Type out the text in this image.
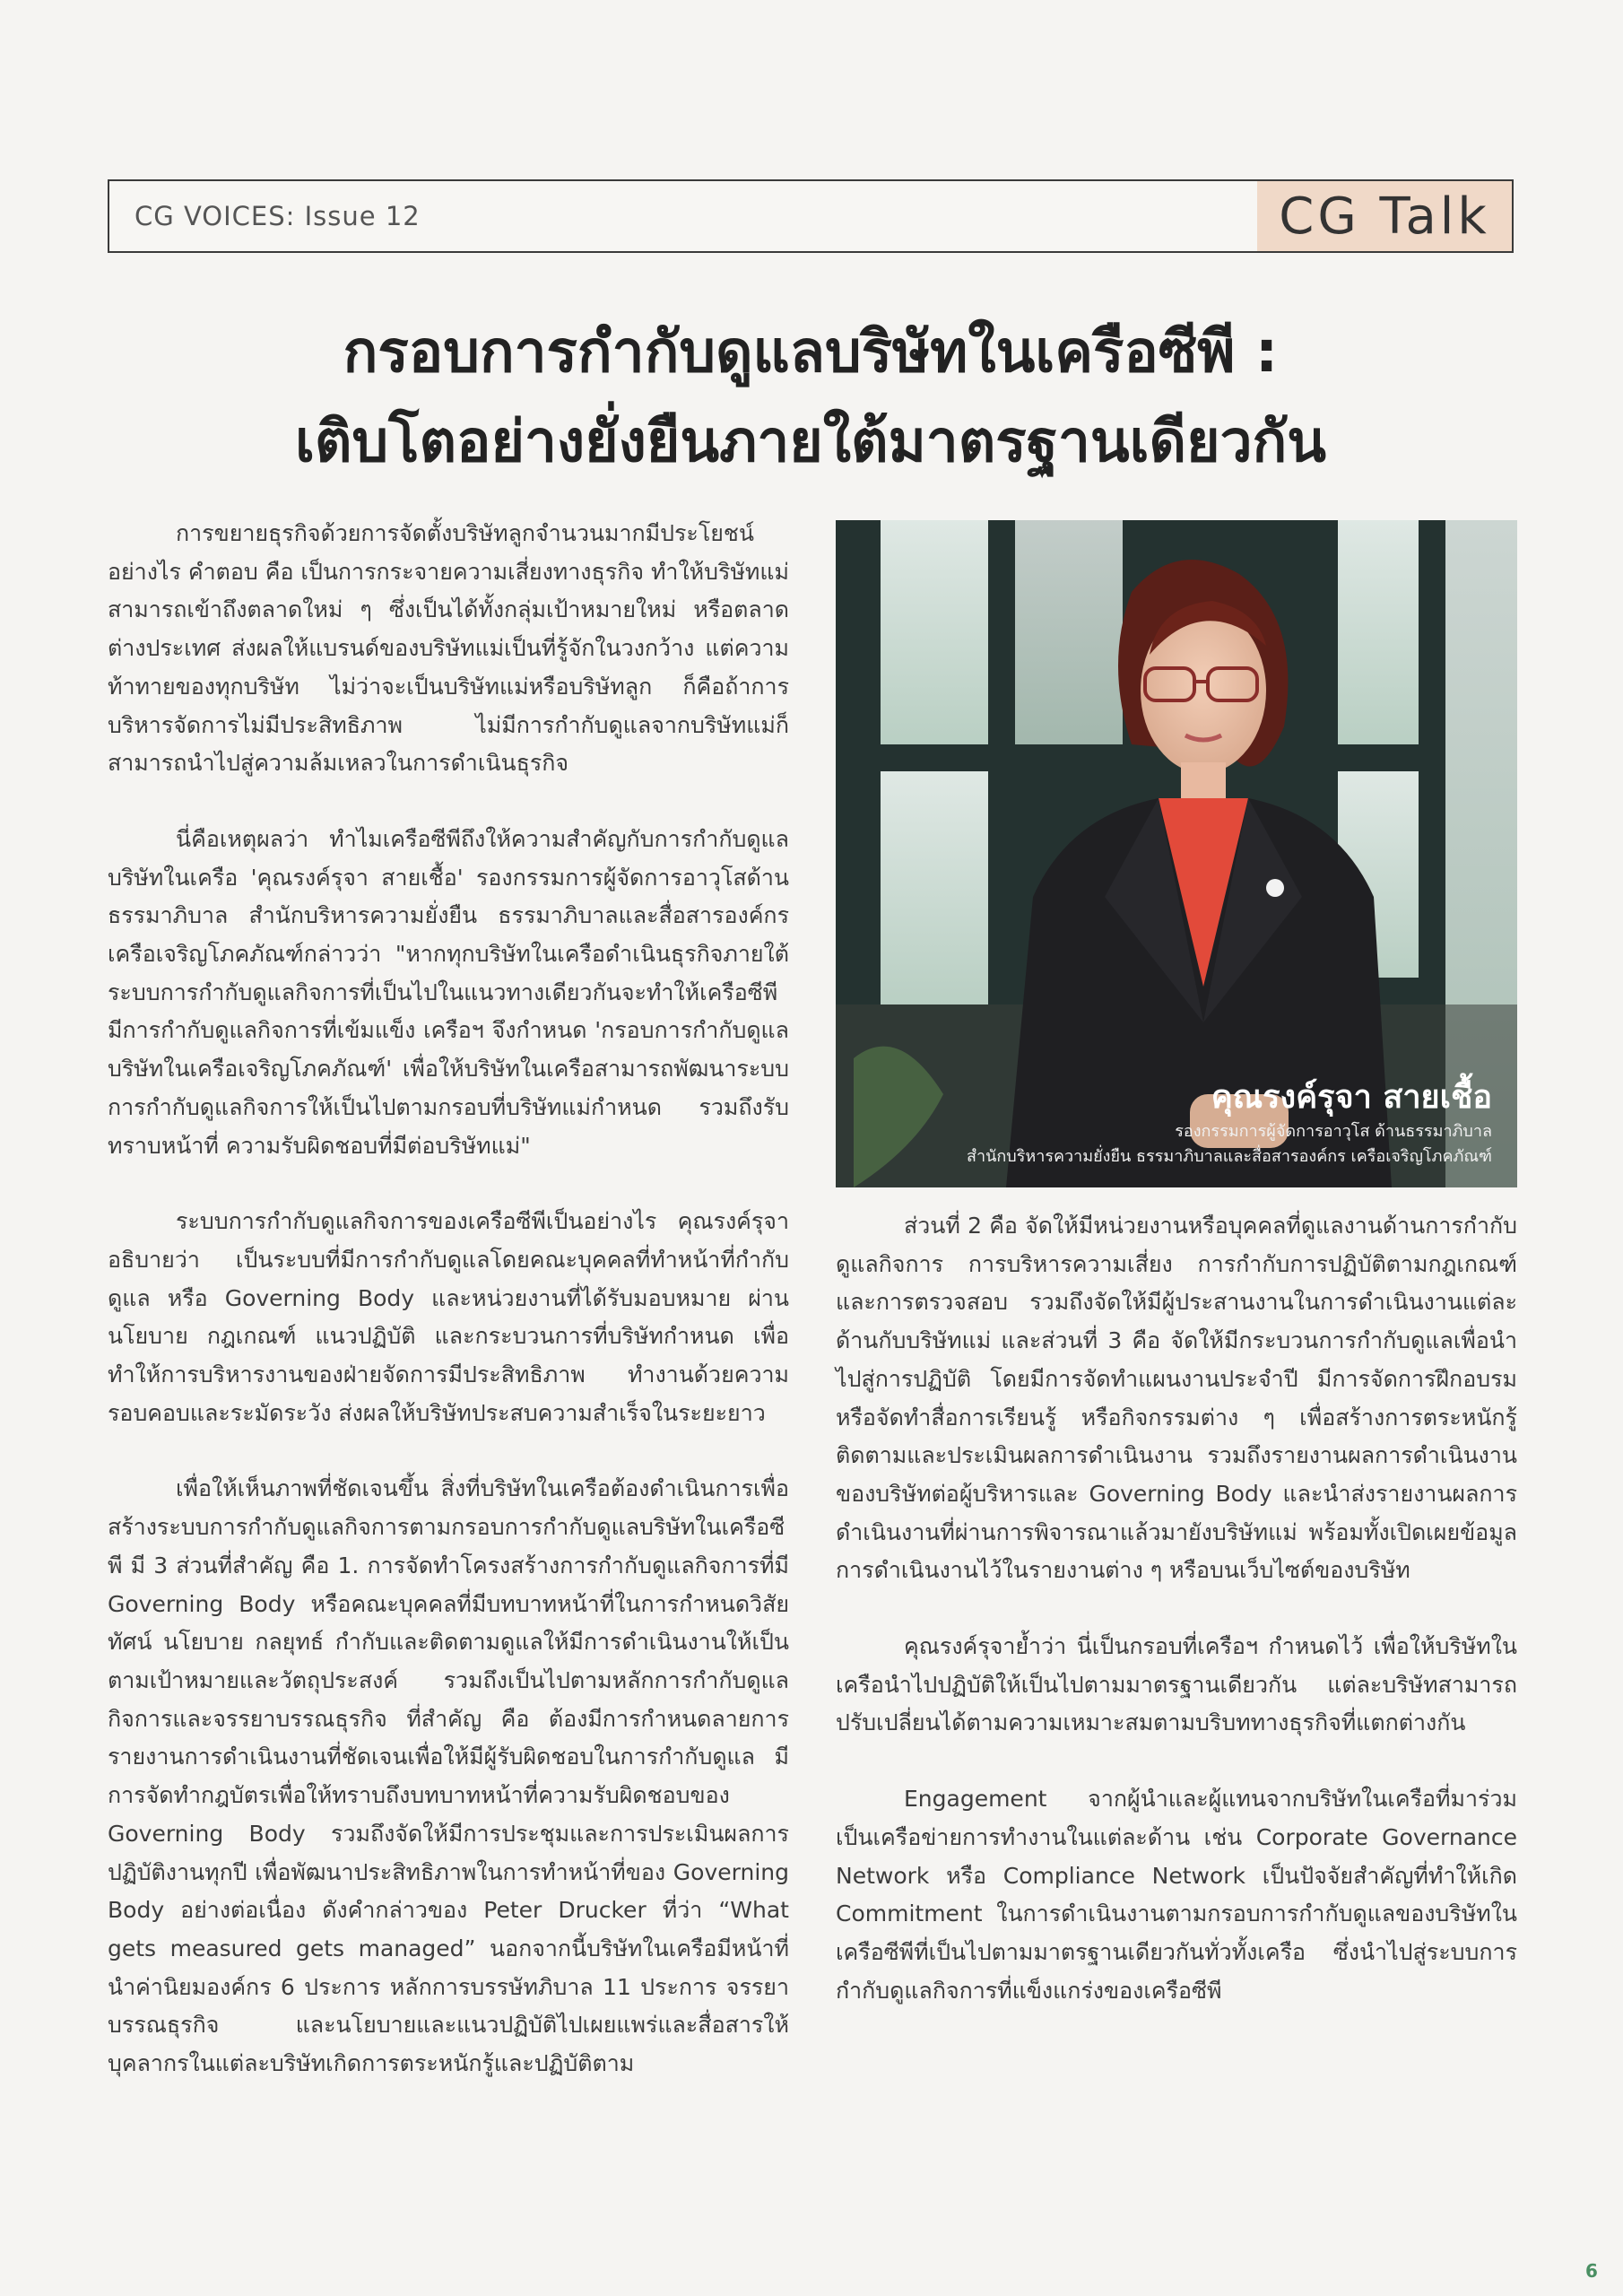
CG VOICES: Issue 12	CG Talk
กรอบการกำกับดูแลบริษัทในเครือซีพี :
เติบโตอย่างยั่งยืนภายใต้มาตรฐานเดียวกัน

การขยายธุรกิจด้วยการจัดตั้งบริษัทลูกจำนวนมากมีประโยชน์อย่างไร คำตอบ คือ เป็นการกระจายความเสี่ยงทางธุรกิจ ทำให้บริษัทแม่สามารถเข้าถึงตลาดใหม่ ๆ ซึ่งเป็นได้ทั้งกลุ่มเป้าหมายใหม่ หรือตลาดต่างประเทศ ส่งผลให้แบรนด์ของบริษัทแม่เป็นที่รู้จักในวงกว้าง แต่ความท้าทายของทุกบริษัท ไม่ว่าจะเป็นบริษัทแม่หรือบริษัทลูก ก็คือถ้าการบริหารจัดการไม่มีประสิทธิภาพ ไม่มีการกำกับดูแลจากบริษัทแม่ก็สามารถนำไปสู่ความล้มเหลวในการดำเนินธุรกิจ

นี่คือเหตุผลว่า ทำไมเครือซีพีถึงให้ความสำคัญกับการกำกับดูแลบริษัทในเครือ 'คุณรงค์รุจา สายเชื้อ' รองกรรมการผู้จัดการอาวุโสด้านธรรมาภิบาล สำนักบริหารความยั่งยืน ธรรมาภิบาลและสื่อสารองค์กร เครือเจริญโภคภัณฑ์กล่าวว่า "หากทุกบริษัทในเครือดำเนินธุรกิจภายใต้ระบบการกำกับดูแลกิจการที่เป็นไปในแนวทางเดียวกันจะทำให้เครือซีพีมีการกำกับดูแลกิจการที่เข้มแข็ง เครือฯ จึงกำหนด 'กรอบการกำกับดูแลบริษัทในเครือเจริญโภคภัณฑ์' เพื่อให้บริษัทในเครือสามารถพัฒนาระบบการกำกับดูแลกิจการให้เป็นไปตามกรอบที่บริษัทแม่กำหนด รวมถึงรับทราบหน้าที่ ความรับผิดชอบที่มีต่อบริษัทแม่"

ระบบการกำกับดูแลกิจการของเครือซีพีเป็นอย่างไร คุณรงค์รุจาอธิบายว่า เป็นระบบที่มีการกำกับดูแลโดยคณะบุคคลที่ทำหน้าที่กำกับดูแล หรือ Governing Body และหน่วยงานที่ได้รับมอบหมาย ผ่านนโยบาย กฎเกณฑ์ แนวปฏิบัติ และกระบวนการที่บริษัทกำหนด เพื่อทำให้การบริหารงานของฝ่ายจัดการมีประสิทธิภาพ ทำงานด้วยความรอบคอบและระมัดระวัง ส่งผลให้บริษัทประสบความสำเร็จในระยะยาว

เพื่อให้เห็นภาพที่ชัดเจนขึ้น สิ่งที่บริษัทในเครือต้องดำเนินการเพื่อสร้างระบบการกำกับดูแลกิจการตามกรอบการกำกับดูแลบริษัทในเครือซีพี มี 3 ส่วนที่สำคัญ คือ 1. การจัดทำโครงสร้างการกำกับดูแลกิจการที่มี Governing Body หรือคณะบุคคลที่มีบทบาทหน้าที่ในการกำหนดวิสัยทัศน์ นโยบาย กลยุทธ์ กำกับและติดตามดูแลให้มีการดำเนินงานให้เป็นตามเป้าหมายและวัตถุประสงค์ รวมถึงเป็นไปตามหลักการกำกับดูแลกิจการและจรรยาบรรณธุรกิจ ที่สำคัญ คือ ต้องมีการกำหนดลายการรายงานการดำเนินงานที่ชัดเจนเพื่อให้มีผู้รับผิดชอบในการกำกับดูแล มีการจัดทำกฎบัตรเพื่อให้ทราบถึงบทบาทหน้าที่ความรับผิดชอบของ Governing Body รวมถึงจัดให้มีการประชุมและการประเมินผลการปฏิบัติงานทุกปี เพื่อพัฒนาประสิทธิภาพในการทำหน้าที่ของ Governing Body อย่างต่อเนื่อง ดังคำกล่าวของ Peter Drucker ที่ว่า “What gets measured gets managed” นอกจากนี้บริษัทในเครือมีหน้าที่นำค่านิยมองค์กร 6 ประการ หลักการบรรษัทภิบาล 11 ประการ จรรยาบรรณธุรกิจ และนโยบายและแนวปฏิบัติไปเผยแพร่และสื่อสารให้บุคลากรในแต่ละบริษัทเกิดการตระหนักรู้และปฏิบัติตาม

คุณรงค์รุจา สายเชื้อ
รองกรรมการผู้จัดการอาวุโส ด้านธรรมาภิบาล
สำนักบริหารความยั่งยืน ธรรมาภิบาลและสื่อสารองค์กร เครือเจริญโภคภัณฑ์

ส่วนที่ 2 คือ จัดให้มีหน่วยงานหรือบุคคลที่ดูแลงานด้านการกำกับดูแลกิจการ การบริหารความเสี่ยง การกำกับการปฏิบัติตามกฎเกณฑ์และการตรวจสอบ รวมถึงจัดให้มีผู้ประสานงานในการดำเนินงานแต่ละด้านกับบริษัทแม่ และส่วนที่ 3 คือ จัดให้มีกระบวนการกำกับดูแลเพื่อนำไปสู่การปฏิบัติ โดยมีการจัดทำแผนงานประจำปี มีการจัดการฝึกอบรมหรือจัดทำสื่อการเรียนรู้ หรือกิจกรรมต่าง ๆ เพื่อสร้างการตระหนักรู้ ติดตามและประเมินผลการดำเนินงาน รวมถึงรายงานผลการดำเนินงานของบริษัทต่อผู้บริหารและ Governing Body และนำส่งรายงานผลการดำเนินงานที่ผ่านการพิจารณาแล้วมายังบริษัทแม่ พร้อมทั้งเปิดเผยข้อมูลการดำเนินงานไว้ในรายงานต่าง ๆ หรือบนเว็บไซต์ของบริษัท

คุณรงค์รุจาย้ำว่า นี่เป็นกรอบที่เครือฯ กำหนดไว้ เพื่อให้บริษัทในเครือนำไปปฏิบัติให้เป็นไปตามมาตรฐานเดียวกัน แต่ละบริษัทสามารถปรับเปลี่ยนได้ตามความเหมาะสมตามบริบททางธุรกิจที่แตกต่างกัน

Engagement จากผู้นำและผู้แทนจากบริษัทในเครือที่มาร่วมเป็นเครือข่ายการทำงานในแต่ละด้าน เช่น Corporate Governance Network หรือ Compliance Network เป็นปัจจัยสำคัญที่ทำให้เกิด Commitment ในการดำเนินงานตามกรอบการกำกับดูแลของบริษัทในเครือซีพีที่เป็นไปตามมาตรฐานเดียวกันทั่วทั้งเครือ ซึ่งนำไปสู่ระบบการกำกับดูแลกิจการที่แข็งแกร่งของเครือซีพี

6
